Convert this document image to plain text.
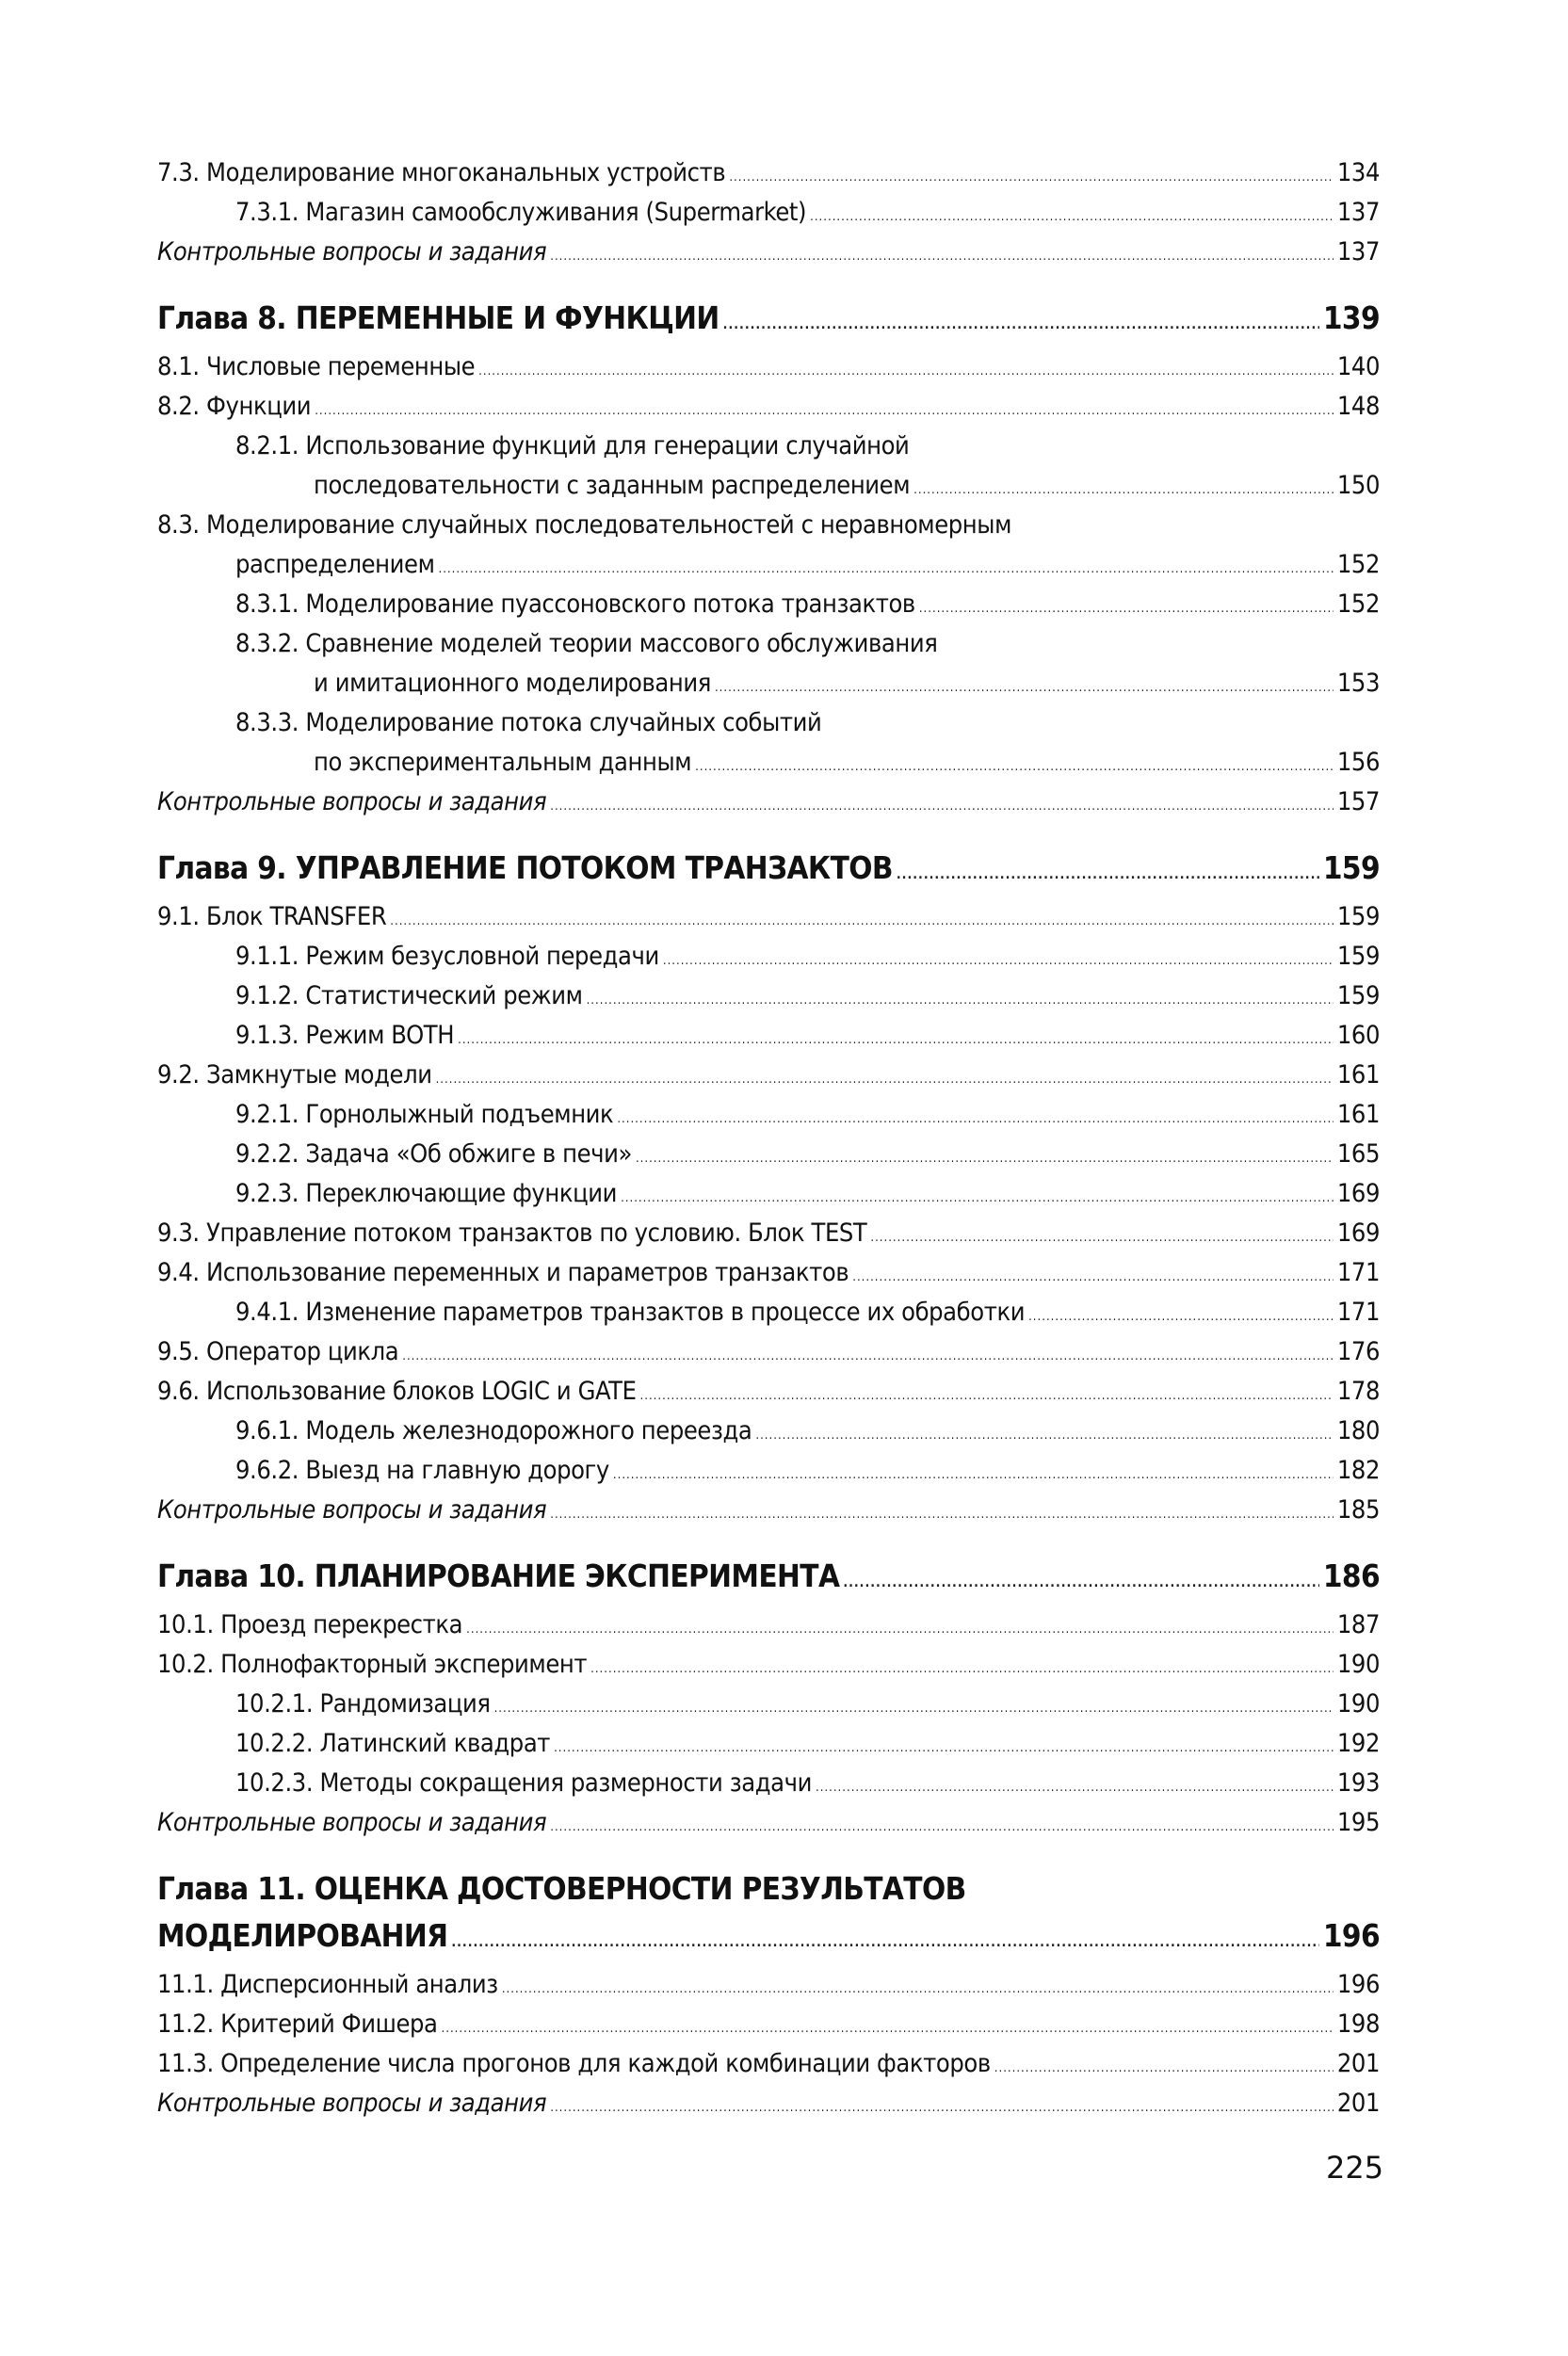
7.3. Моделирование многоканальных устройств .....	134
7.3.1. Магазин самообслуживания (Supermarket) .....	137
Контрольные вопросы и задания .....	137
Глава 8. ПЕРЕМЕННЫЕ И ФУНКЦИИ .....	139
8.1. Числовые переменные .....	140
8.2. Функции .....	148
8.2.1. Использование функций для генерации случайной
последовательности с заданным распределением .....	150
8.3. Моделирование случайных последовательностей с неравномерным
распределением .....	152
8.3.1. Моделирование пуассоновского потока транзактов .....	152
8.3.2. Сравнение моделей теории массового обслуживания
и имитационного моделирования .....	153
8.3.3. Моделирование потока случайных событий
по экспериментальным данным .....	156
Контрольные вопросы и задания .....	157
Глава 9. УПРАВЛЕНИЕ ПОТОКОМ ТРАНЗАКТОВ .....	159
9.1. Блок TRANSFER .....	159
9.1.1. Режим безусловной передачи .....	159
9.1.2. Статистический режим .....	159
9.1.3. Режим BOTH .....	160
9.2. Замкнутые модели .....	161
9.2.1. Горнолыжный подъемник .....	161
9.2.2. Задача «Об обжиге в печи» .....	165
9.2.3. Переключающие функции .....	169
9.3. Управление потоком транзактов по условию. Блок TEST .....	169
9.4. Использование переменных и параметров транзактов .....	171
9.4.1. Изменение параметров транзактов в процессе их обработки .....	171
9.5. Оператор цикла .....	176
9.6. Использование блоков LOGIC и GATE .....	178
9.6.1. Модель железнодорожного переезда .....	180
9.6.2. Выезд на главную дорогу .....	182
Контрольные вопросы и задания .....	185
Глава 10. ПЛАНИРОВАНИЕ ЭКСПЕРИМЕНТА .....	186
10.1. Проезд перекрестка .....	187
10.2. Полнофакторный эксперимент .....	190
10.2.1. Рандомизация .....	190
10.2.2. Латинский квадрат .....	192
10.2.3. Методы сокращения размерности задачи .....	193
Контрольные вопросы и задания .....	195
Глава 11. ОЦЕНКА ДОСТОВЕРНОСТИ РЕЗУЛЬТАТОВ
МОДЕЛИРОВАНИЯ .....	196
11.1. Дисперсионный анализ .....	196
11.2. Критерий Фишера .....	198
11.3. Определение числа прогонов для каждой комбинации факторов .....	201
Контрольные вопросы и задания .....	201
225
